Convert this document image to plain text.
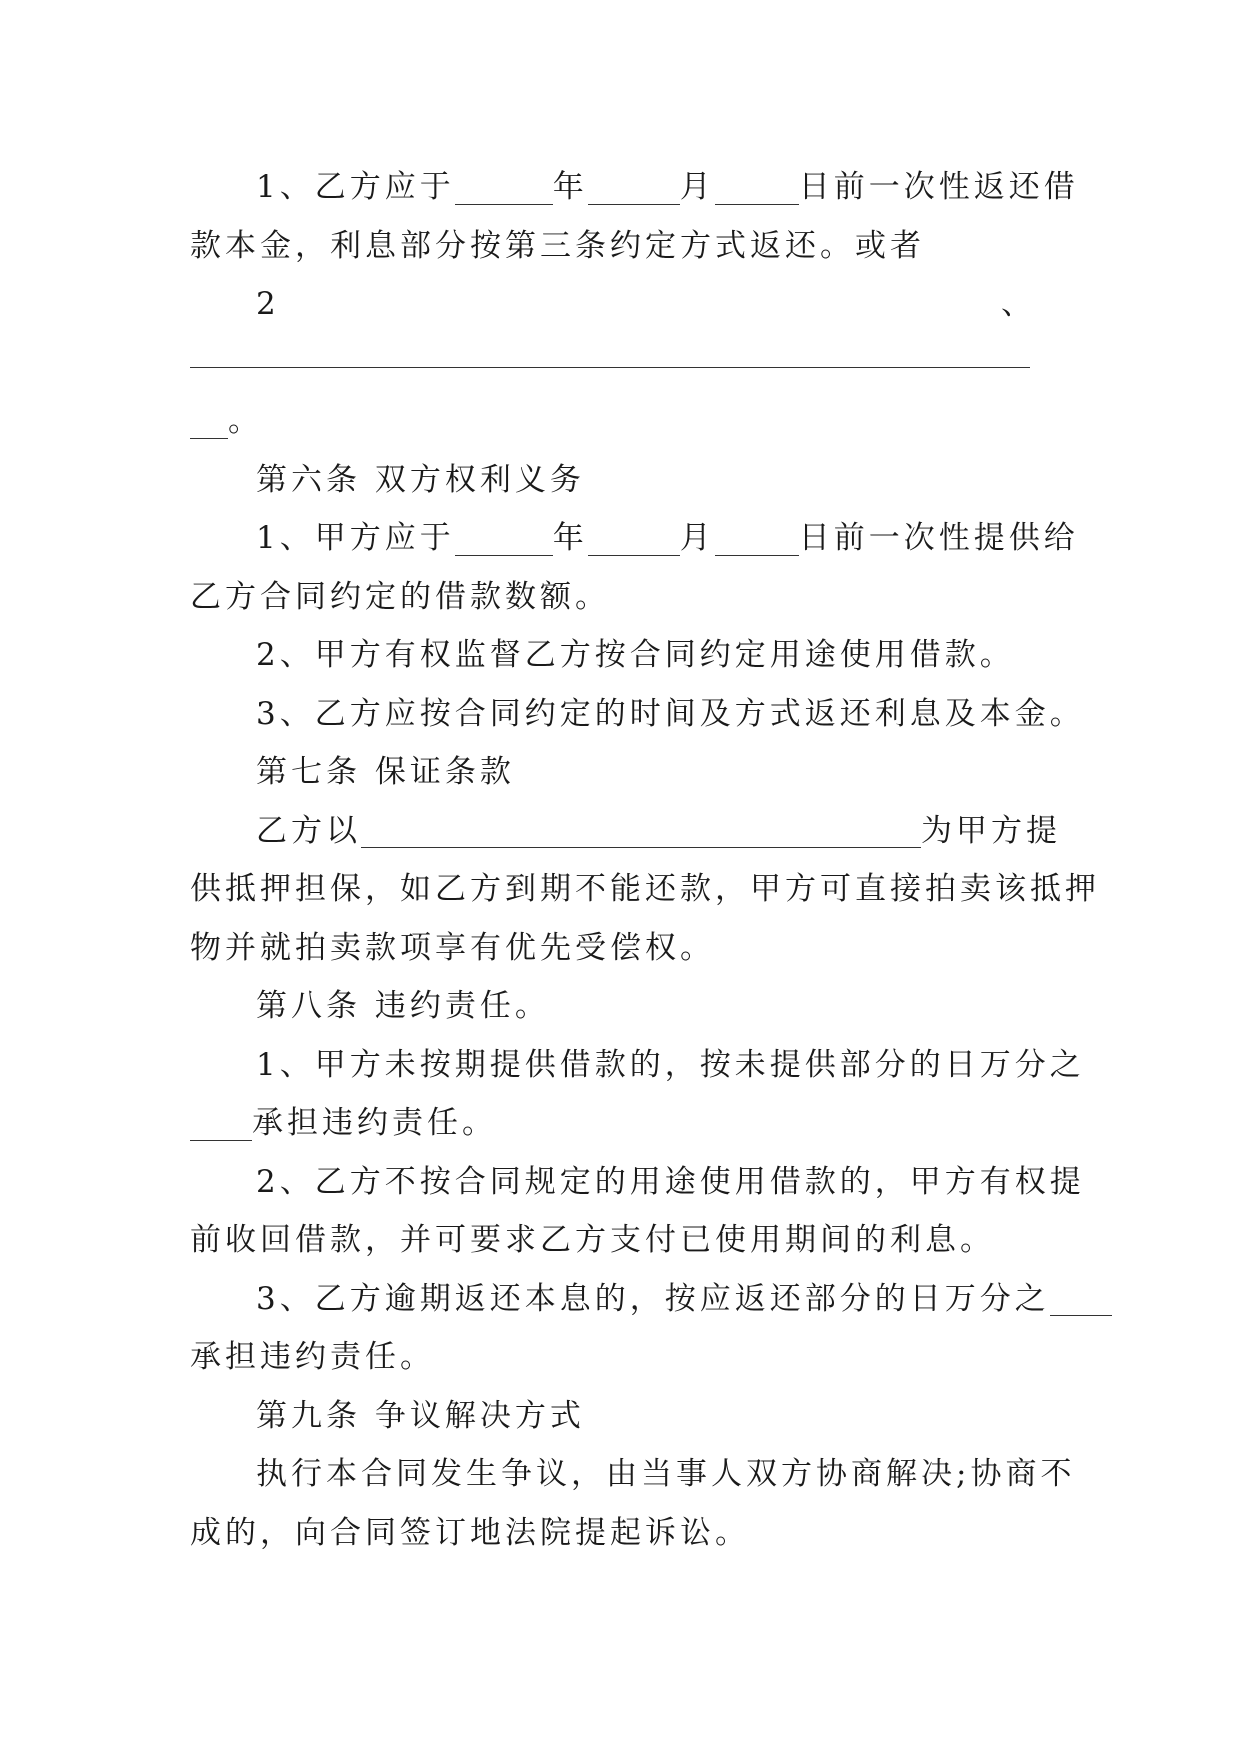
1、乙方应于	年	月	日前一次性返还借

款本金，利息部分按第三条约定方式返还。或者

2	、

。

第六条 双方权利义务

1、甲方应于	年	月	日前一次性提供给

乙方合同约定的借款数额。

2、甲方有权监督乙方按合同约定用途使用借款。

3、乙方应按合同约定的时间及方式返还利息及本金。

第七条 保证条款

乙方以	为甲方提

供抵押担保，如乙方到期不能还款，甲方可直接拍卖该抵押

物并就拍卖款项享有优先受偿权。

第八条 违约责任。

1、甲方未按期提供借款的，按未提供部分的日万分之

承担违约责任。

2、乙方不按合同规定的用途使用借款的，甲方有权提

前收回借款，并可要求乙方支付已使用期间的利息。

3、乙方逾期返还本息的，按应返还部分的日万分之

承担违约责任。

第九条 争议解决方式

执行本合同发生争议，由当事人双方协商解决;协商不

成的，向合同签订地法院提起诉讼。
